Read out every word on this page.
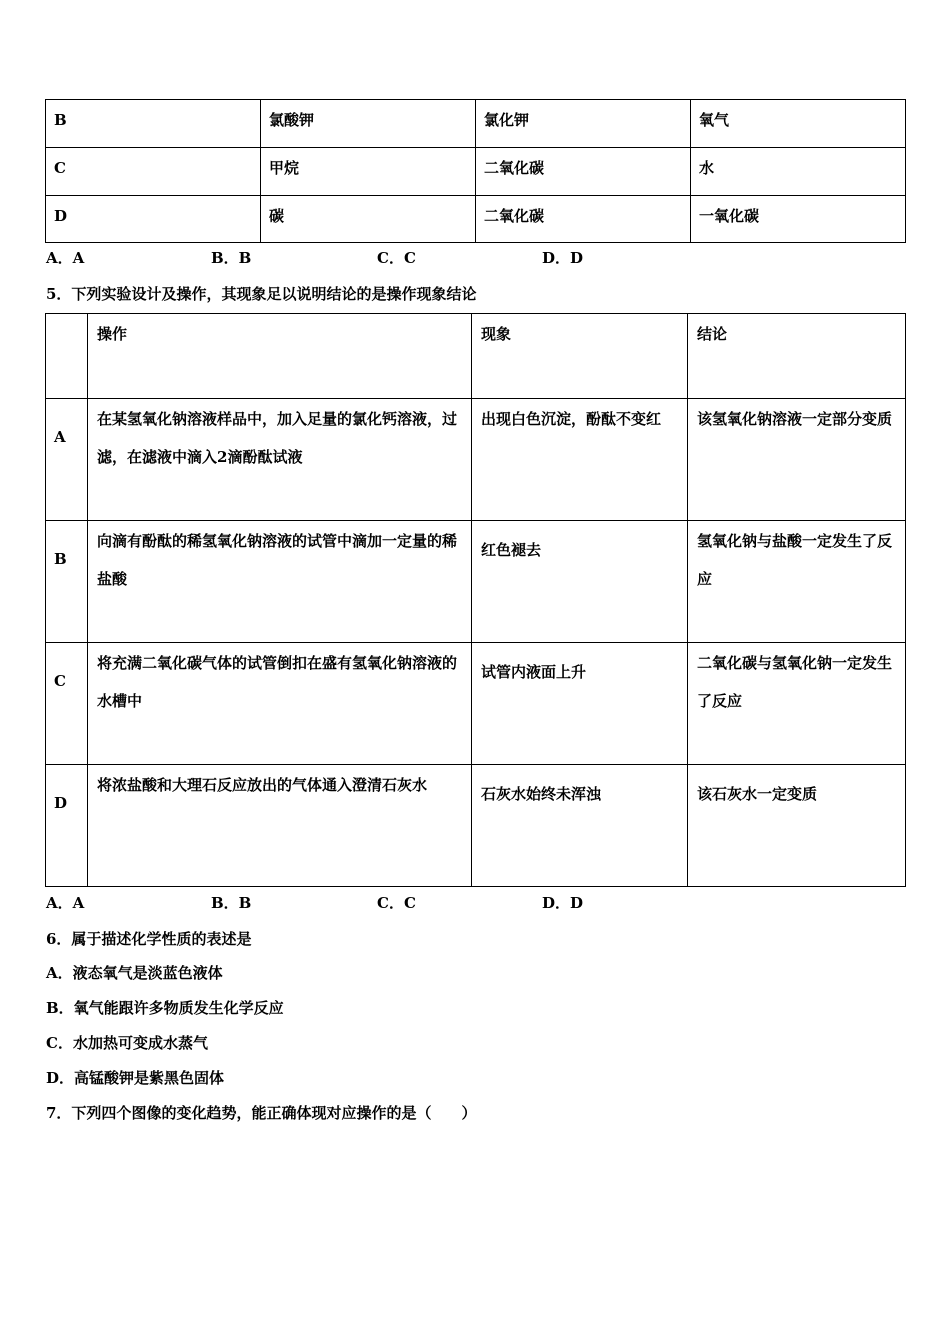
B	氯酸钾	氯化钾	氧气

C	甲烷	二氧化碳	水

D	碳	二氧化碳	一氧化碳
A．A	B．B	C．C	D．D
5．下列实验设计及操作，其现象足以说明结论的是操作现象结论

	操作	现象	结论

A	在某氢氧化钠溶液样品中，加入足量的氯化钙溶液，过滤，在滤液中滴入2滴酚酞试液	出现白色沉淀，酚酞不变红	该氢氧化钠溶液一定部分变质

B	向滴有酚酞的稀氢氧化钠溶液的试管中滴加一定量的稀盐酸	红色褪去	氢氧化钠与盐酸一定发生了反应

C	将充满二氧化碳气体的试管倒扣在盛有氢氧化钠溶液的水槽中	试管内液面上升	二氧化碳与氢氧化钠一定发生了反应

D	将浓盐酸和大理石反应放出的气体通入澄清石灰水	石灰水始终未浑浊	该石灰水一定变质
A．A	B．B	C．C	D．D
6．属于描述化学性质的表述是
A．液态氧气是淡蓝色液体
B．氧气能跟许多物质发生化学反应
C．水加热可变成水蒸气
D．高锰酸钾是紫黑色固体
7．下列四个图像的变化趋势，能正确体现对应操作的是（　　）
